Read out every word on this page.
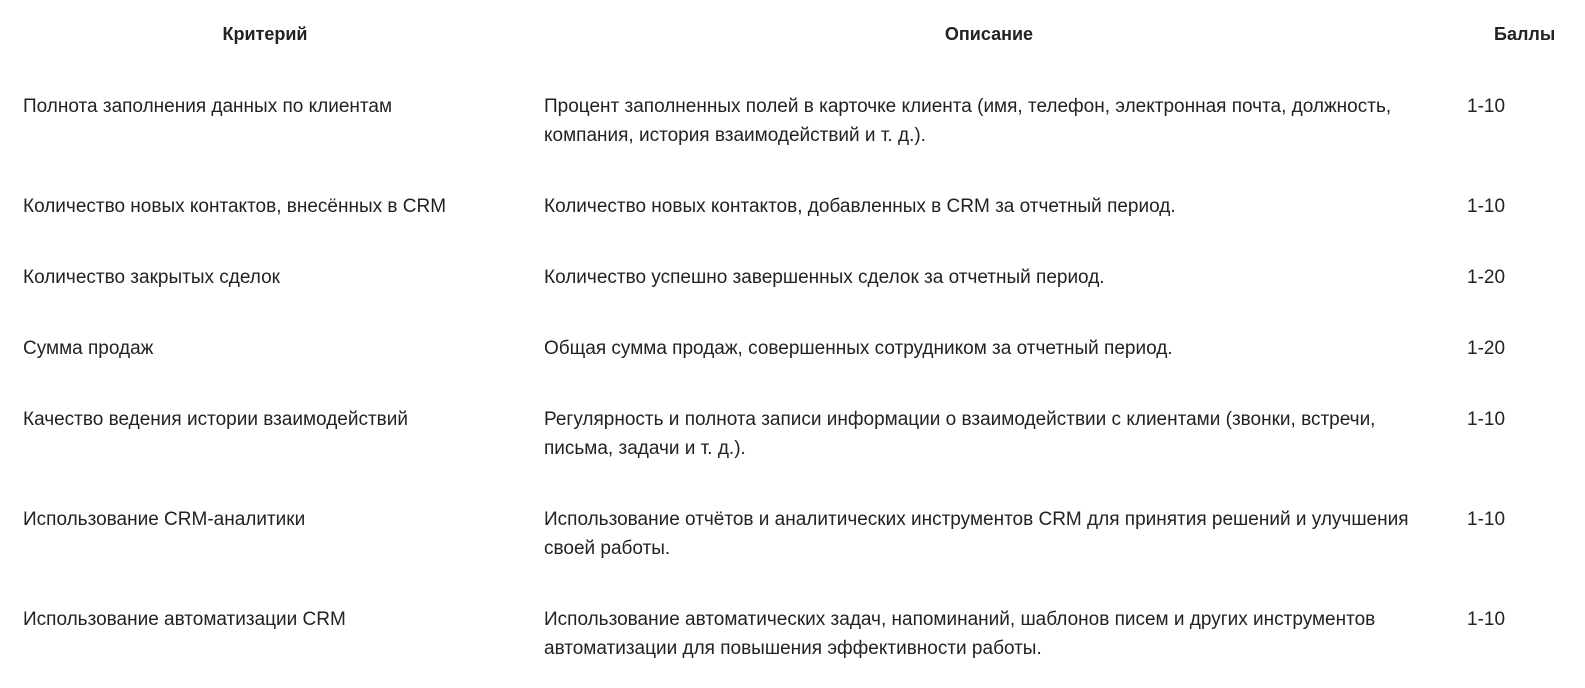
Критерий	Описание	Баллы
Полнота заполнения данных по клиентам	Процент заполненных полей в карточке клиента (имя, телефон, электронная почта, должность, компания, история взаимодействий и т. д.).	1-10
Количество новых контактов, внесённых в CRM	Количество новых контактов, добавленных в CRM за отчетный период.	1-10
Количество закрытых сделок	Количество успешно завершенных сделок за отчетный период.	1-20
Сумма продаж	Общая сумма продаж, совершенных сотрудником за отчетный период.	1-20
Качество ведения истории взаимодействий	Регулярность и полнота записи информации о взаимодействии с клиентами (звонки, встречи, письма, задачи и т. д.).	1-10
Использование CRM-аналитики	Использование отчётов и аналитических инструментов CRM для принятия решений и улучшения своей работы.	1-10
Использование автоматизации CRM	Использование автоматических задач, напоминаний, шаблонов писем и других инструментов автоматизации для повышения эффективности работы.	1-10
